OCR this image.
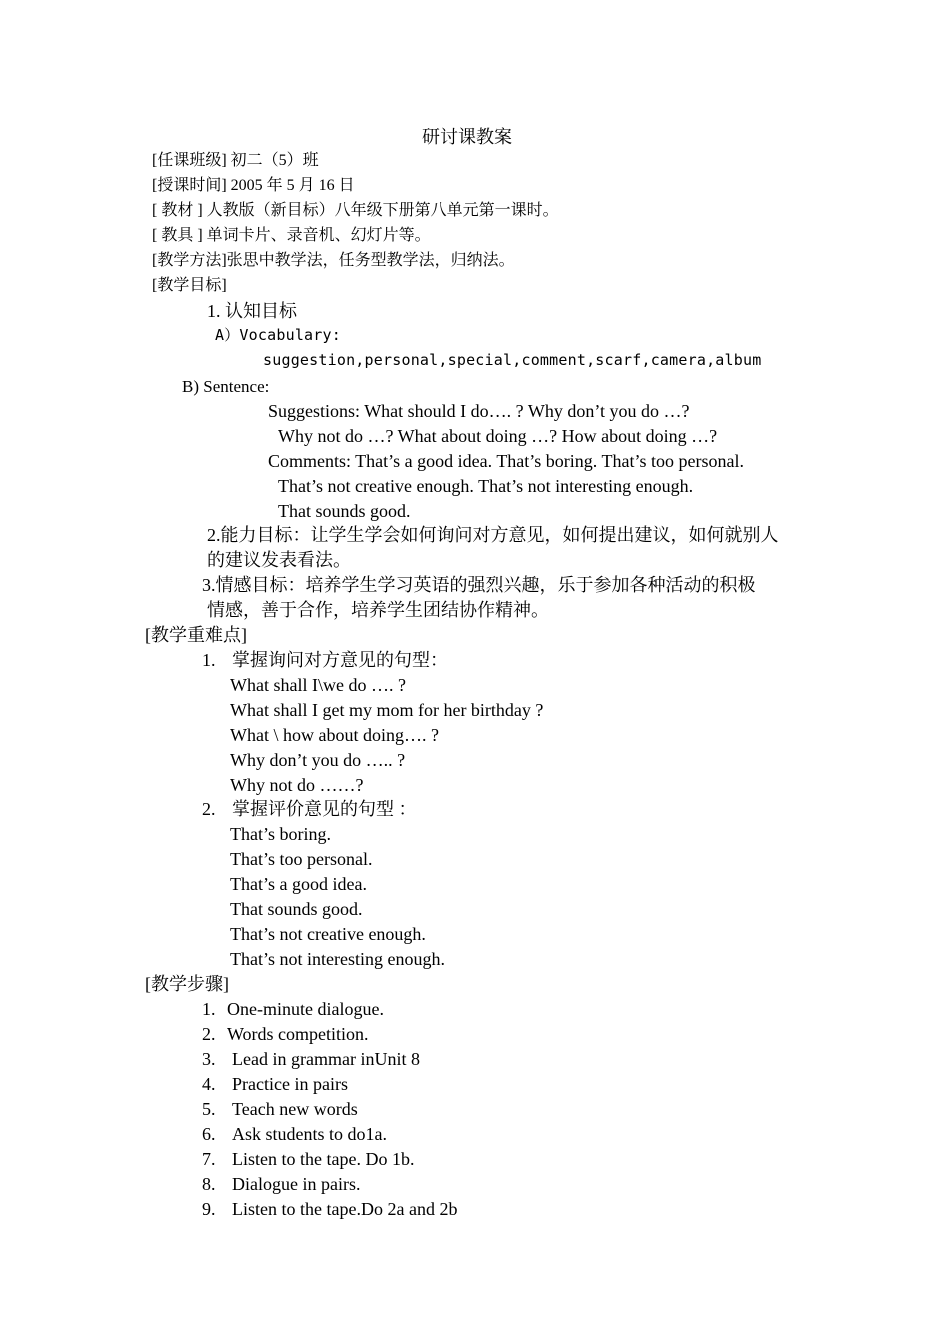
研讨课教案
[任课班级] 初二（5）班
[授课时间] 2005 年 5 月 16 日
[ 教材 ] 人教版（新目标）八年级下册第八单元第一课时。
[ 教具 ] 单词卡片、录音机、幻灯片等。
[教学方法]张思中教学法，任务型教学法，归纳法。
[教学目标]
1. 认知目标
A）Vocabulary:
suggestion,personal,special,comment,scarf,camera,album
B) Sentence:
Suggestions: What should I do…. ? Why don’t you do …?
Why not do …? What about doing …? How about doing …?
Comments: That’s a good idea. That’s boring. That’s too personal.
That’s not creative enough. That’s not interesting enough.
That sounds good.
2.能力目标：让学生学会如何询问对方意见，如何提出建议，如何就别人
的建议发表看法。
3.情感目标：培养学生学习英语的强烈兴趣，乐于参加各种活动的积极
情感，善于合作，培养学生团结协作精神。
[教学重难点]
1. 掌握询问对方意见的句型：
What shall I\we do …. ?
What shall I get my mom for her birthday ?
What \ how about doing…. ?
Why don’t you do ….. ?
Why not do ……?
2. 掌握评价意见的句型 ：
That’s boring.
That’s too personal.
That’s a good idea.
That sounds good.
That’s not creative enough.
That’s not interesting enough.
[教学步骤]
1. One-minute dialogue.
2. Words competition.
3. Lead in grammar inUnit 8
4. Practice in pairs
5. Teach new words
6. Ask students to do1a.
7. Listen to the tape. Do 1b.
8. Dialogue in pairs.
9. Listen to the tape.Do 2a and 2b
